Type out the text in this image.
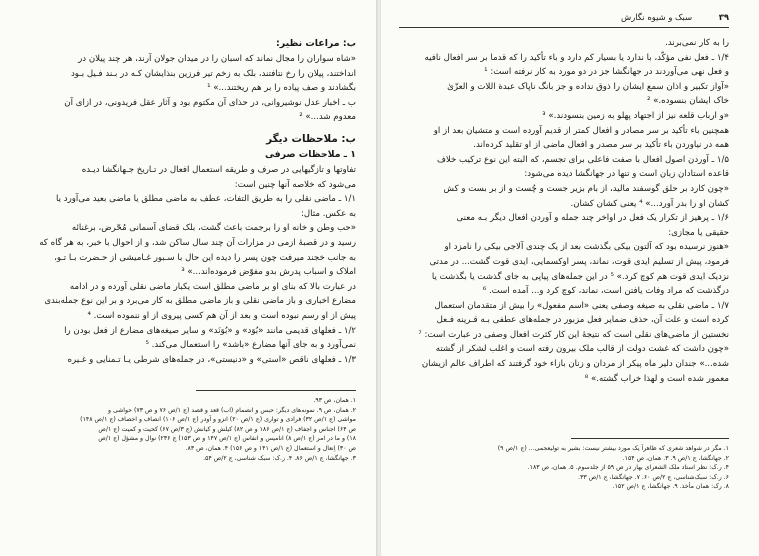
ب: مراعات نظیر:
«شاه سواران را مجال نماند که اسبان را در میدان جولان آرند، هر چند پیلان در
انداختند، پیلان را رخ نتافتند، بلک به زخم تیر فرزین بنذایشان کـه در بـند فـیل بـود
بگشادند و صف پیاده را بر هم ریختند...» ¹
ب ـ اخبار عدل نوشیروانی، در حذای آن مکتوم بود و آثار عقل فریدونی، در ازای آن
معدوم شد...» ²
ب: ملاحظات دیگر
۱ ـ ملاحظات صرفی
تفاوتها و تازگیهایی در صرف و طریقه استعمال افعال در تـاریخ جـهانگشا دیـده
می‌شود که خلاصه آنها چنین است:
۱/۱ ـ ماضی نقلی را به طریق التفات، عطف به ماضی مطلق یا ماضی بعید می‌آورد یا
به عکس. مثال:
«حب وطن و خانه او را برجمت باعث گشت، بلک قضای آسمانی مُحّرض، برغنائه
رسید و در قصبهٔ ازمی در مزارات آن چند سال ساکن شد، و از احوال با خبر، به هر گاه که
به جانب خجند میرفت چون پسر را دیده این حال با سـبور غـامیشی از حـضرت بـا تـو،
املاک و اسباب پدرش بدو مفوّض فرموده‌اند...» ³
در عبارت بالا که بنای او بر ماضی مطلق است یکبار ماضی نقلی آورده و در ادامه
مضارع اخباری و باز ماضی نقلی و باز ماضی مطلق به کار می‌برد و بر این نوع جمله‌بندی
پیش از او رسم نبوده است و بعد از آن هم کسی پیروی از او ننموده است. ⁴
۱/۲ ـ فعلهای قدیمی مانند «بُوَد» و «بُوَنَد» و سایر صیغه‌های مضارع از فعل بودن را
نمی‌آورد و به جای آنها مضارع «باشد» را استعمال می‌کند. ⁵
۱/۳ ـ فعلهای ناقص «استی» و «دنیستی»، در جمله‌های شرطی یـا تـمنایی و غـیره
۱. همان، ص ۹۳.
۲. همان، ص ۹. نمونه‌های دیگر: حبس و انصمام (اب) قعد و قصد (ج ۱/ص ۷۶ و ص ۷۳) حواشی و
مواشی (ج ۱/ص ۳۲) فرادی و تواری (ج ۱/ص ۲۰) انزو و آودر (ج ۱/ص ۱۰۶) انصاف و احصاف (ج ۱/ص ۱۴۸)
ص ۶۴) اجناس و اجفاف (ج ۱/ص ۱۸۶ و ص ۸۲) کیلش و کیانش (ج ۳/ص ۶۷) کحیت و کمیت (ج ۱/ص
۱۸) و ما در امر (ج ۱/ص ۸) انامیس و انفاس (ج ۱/ص ۱۴۷ و ص ۱۵۳) ج ۲۳۶) نوال و مشؤل (ج ۱/ص
ص ۳۰) اِنعال و استعمال (ج ۱/ص ۱۴۱ و ص ۱۵۶) ۴. همان، ص ۸۳.
۳. جهانگشا، ج ۱/ص ۸۶. ۴. ر.ک: سبک شناسی، ج ۲/ص ۵۴.
۳۹ سبک و شیوه نگارش
را به کار نمی‌برند.
۱/۴ ـ فعل نفی مؤکّد، با ندارد یا بسیار کم دارد و باء تأکید را که قدما بر سر افعال نافیه
و فعل نهی می‌آوردند در جهانگشا جز در دو مورد به کار نرفته است: ¹
«آواز تکبیر و اذان سمع ایشان را ذوق نداده و جز بانگ ناپاک عبدة اللات و العزّیٰ
خاک ایشان بنسوده.» ²
«و ارباب قلعه نیز از اجتهاد پهلو به زمین بنسودند.» ³
همچنین باء تأکید بر سر مصادر و افعال کمتر از قدیم آورده است و متشیان بعد از او
همه در نیاوردن باء تأکید بر سر مصدر و افعال ماضی از او تقلید کرده‌اند.
۱/۵ ـ آوردن اصول افعال با صفت فاعلی برای تجسم، که البته این نوع ترکیب خلاف
قاعده استادان زبان است و تنها در جهانگشا دیده می‌شود:
«چون کارد بر حلق گوسفند مالید، از بام بزیر جست و چُست و از بر بست و کش
کشان او را بدر آورد...» ⁴ یعنی کشان کشان.
۱/۶ ـ پرهیز از تکرار یک فعل در اواخر چند جمله و آوردن افعال دیگر بـه معنی
حقیقی یا مجازی:
«هنوز نرسیده بود که آلتون بیکی بگذشت بعد از یک چندی آلاجی بیکی را نامزد او
فرمود، پیش از تسلیم ایدی قوت، نماند، پسر اوکسمایی، ایدی قوت گشت... در مدتی
نزدیک ایدی قوت هم کوچ کرد.» ⁵ در این جمله‌های پیاپی به جای گذشت یا بگذشت یا
درگذشت که مراد وفات یافتن است، نماند، کوچ کرد و... آمده است. ⁶
۱/۷ ـ ماضی نقلی به صیغه وصفی یعنی «اسم مفعول» را بیش از متقدمان استعمال
کرده است و علت آن، حذف ضمایر فعل مزبور در جمله‌های عطفی بـه قـرینه فـعل
نخستین از ماضی‌های نقلی است که نتیجهٔ این کار کثرت افعال وصفی در عبارت است: ⁷
«چون داشت که غشت دولت از قالب ملک بیرون رفته است و اغلب لشکر از گشته
شده...» جندان دلیر ماه پیکر از مردان و زنان بازاء خود گرفتند که اطراف عالم ازیشان
معمور شده است و لهذا خراب گشته.» ⁸
۱. مگر در شواهد شعری که ظاهراً یک مورد بیشتر نیست: بشیر به تولیعجمی... (ج ۱/ص ۹)
۲. جهانگشا، ج ۱/ص ۹. ۳. همان، ص ۱۵۴.
۴. ر.ک: نظر استاد ملک الشعرای بهار در ص ۵۹ از جلدسوم. ۵. همان، ص ۱۸۳.
۶. ر.ک: سبک‌شناسی، ج ۲/ص ۶۰. ۷. جهانگشا، ج ۱/ص ۳۳.
۸. رک: همان مأخذ. ۹. جهانگشا، ج ۱/ص ۱۵۲.
